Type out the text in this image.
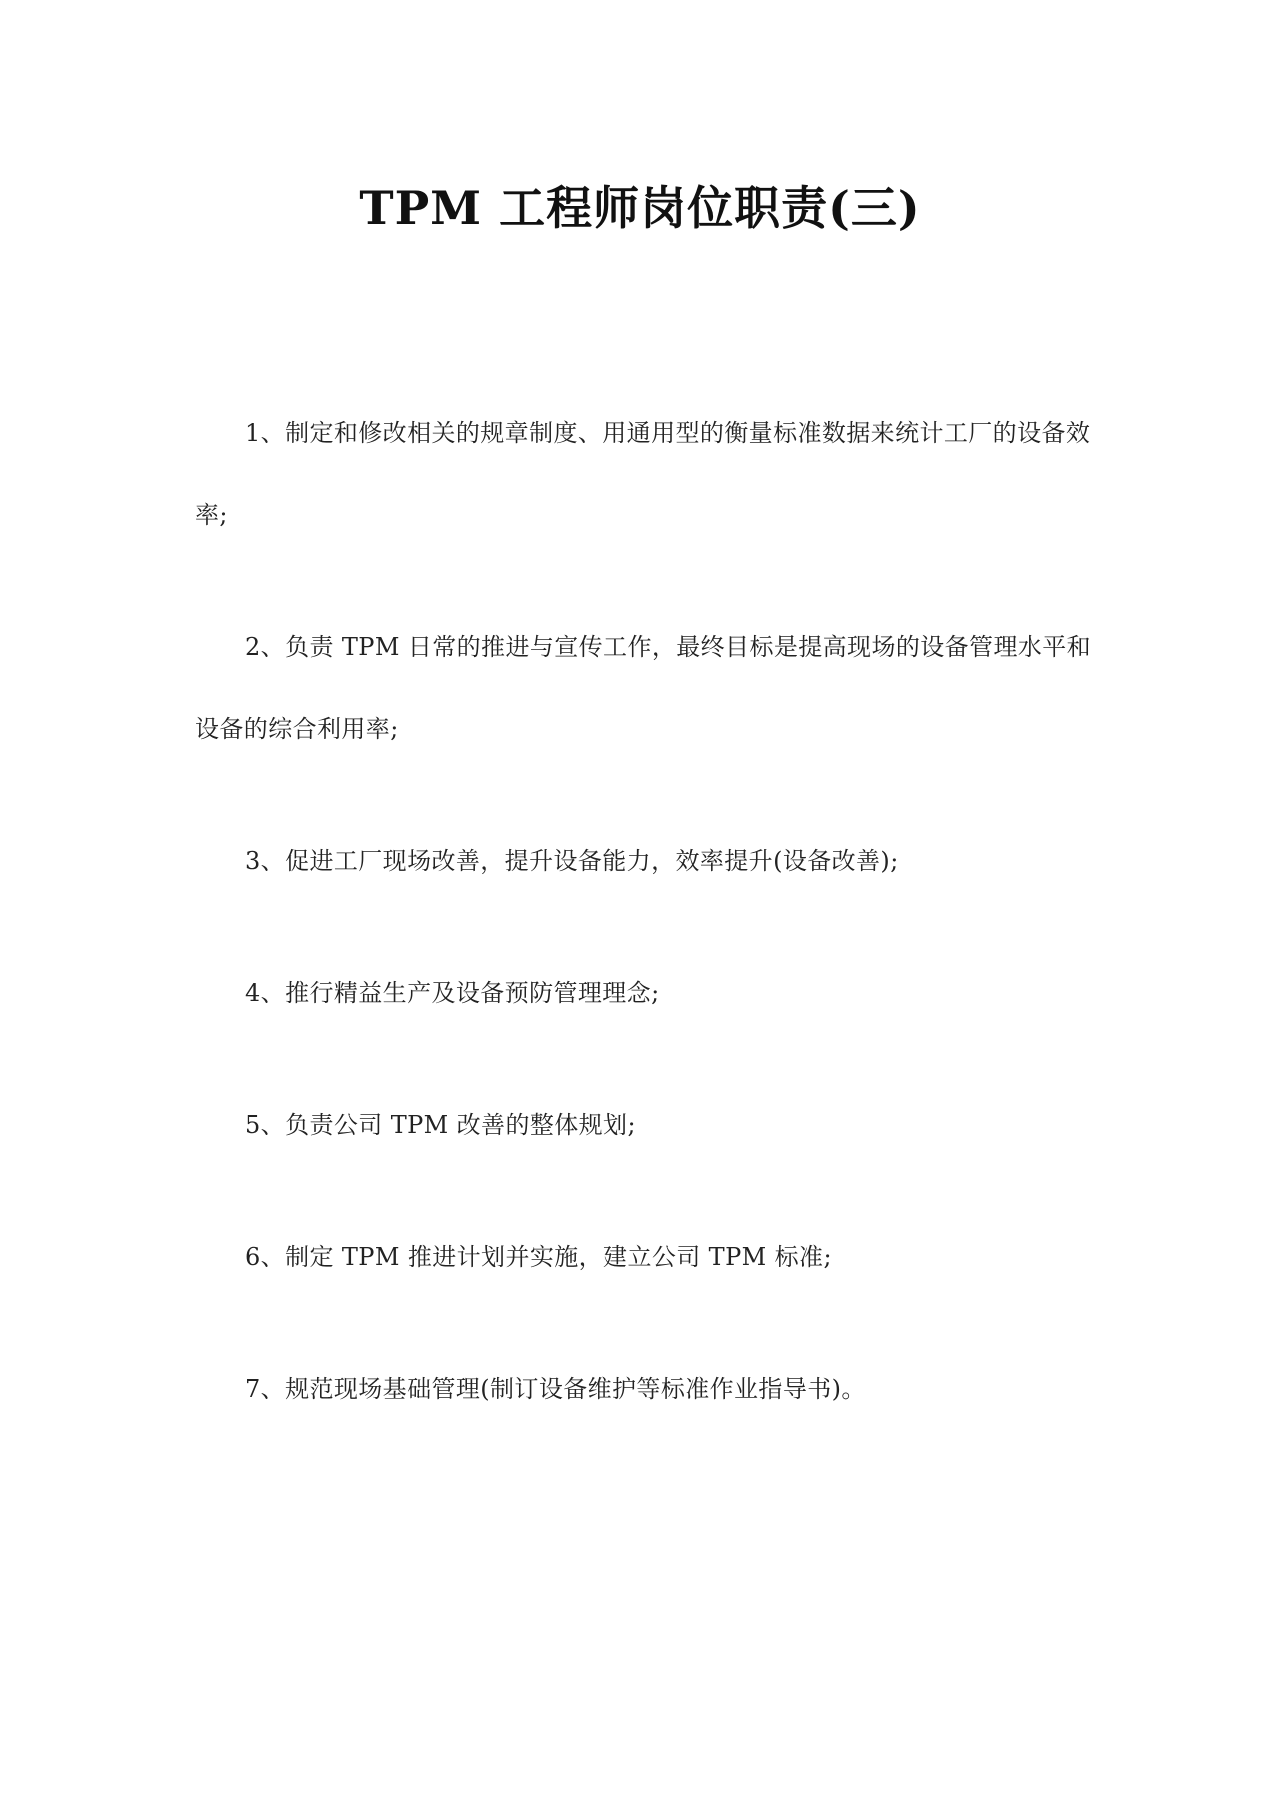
TPM 工程师岗位职责(三)

1、制定和修改相关的规章制度、用通用型的衡量标准数据来统计工厂的设备效率;

2、负责 TPM 日常的推进与宣传工作，最终目标是提高现场的设备管理水平和设备的综合利用率;

3、促进工厂现场改善，提升设备能力，效率提升(设备改善);

4、推行精益生产及设备预防管理理念;

5、负责公司 TPM 改善的整体规划;

6、制定 TPM 推进计划并实施，建立公司 TPM 标准;

7、规范现场基础管理(制订设备维护等标准作业指导书)。
